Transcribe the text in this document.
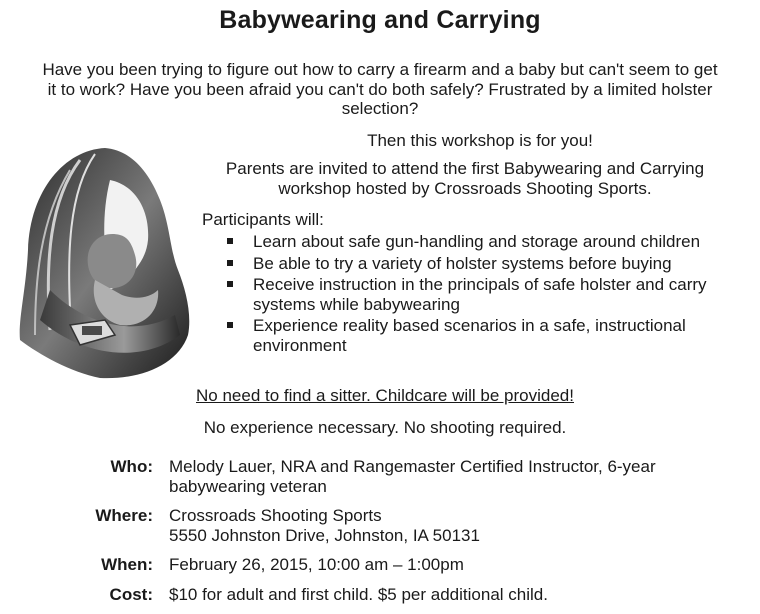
Babywearing and Carrying
Have you been trying to figure out how to carry a firearm and a baby but can't seem to get it to work? Have you been afraid you can't do both safely? Frustrated by a limited holster selection?
Then this workshop is for you!
Parents are invited to attend the first Babywearing and Carrying workshop hosted by Crossroads Shooting Sports.
Participants will:
Learn about safe gun-handling and storage around children
Be able to try a variety of holster systems before buying
Receive instruction in the principals of safe holster and carry systems while babywearing
Experience reality based scenarios in a safe, instructional environment
No need to find a sitter. Childcare will be provided!
No experience necessary. No shooting required.
Who: Melody Lauer, NRA and Rangemaster Certified Instructor, 6-year
babywearing veteran
Where: Crossroads Shooting Sports
5550 Johnston Drive, Johnston, IA 50131
When: February 26, 2015, 10:00 am – 1:00pm
Cost: $10 for adult and first child. $5 per additional child.
